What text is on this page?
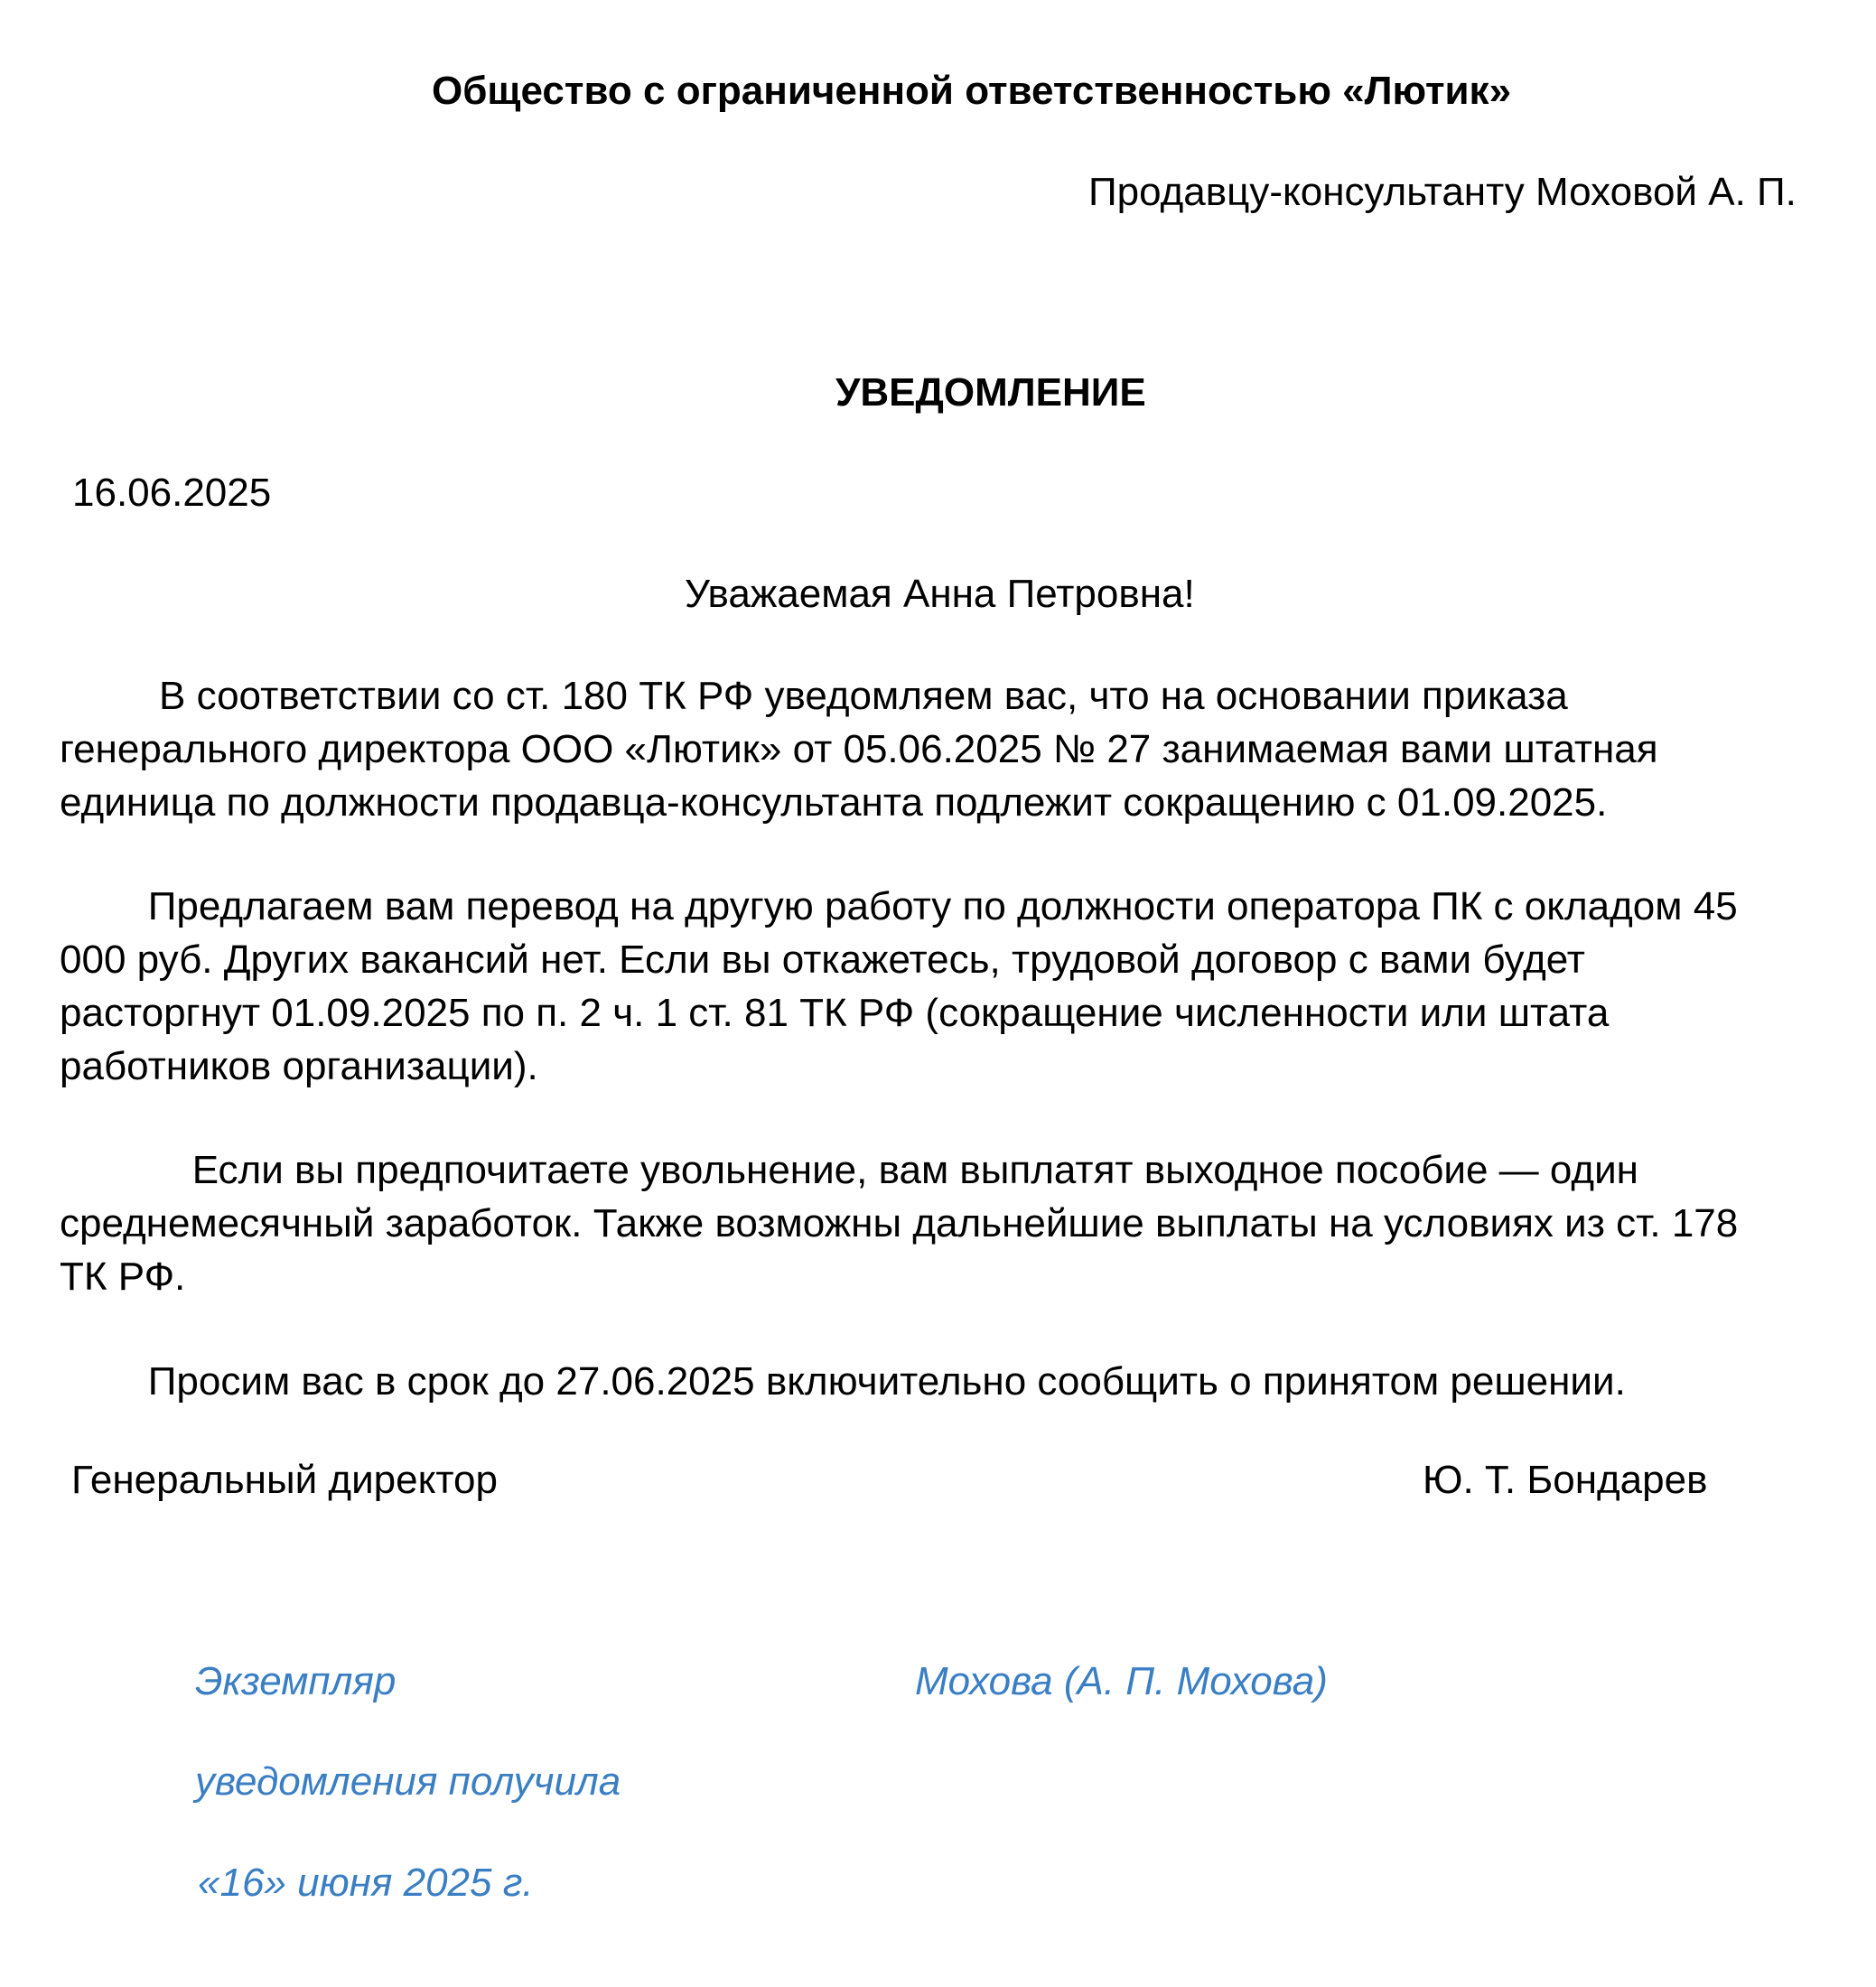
Общество с ограниченной ответственностью «Лютик»

Продавцу-консультанту Моховой А. П.

УВЕДОМЛЕНИЕ

16.06.2025

Уважаемая Анна Петровна!

В соответствии со ст. 180 ТК РФ уведомляем вас, что на основании приказа
генерального директора ООО «Лютик» от 05.06.2025 № 27 занимаемая вами штатная
единица по должности продавца-консультанта подлежит сокращению с 01.09.2025.

Предлагаем вам перевод на другую работу по должности оператора ПК с окладом 45
000 руб. Других вакансий нет. Если вы откажетесь, трудовой договор с вами будет
расторгнут 01.09.2025 по п. 2 ч. 1 ст. 81 ТК РФ (сокращение численности или штата
работников организации).

Если вы предпочитаете увольнение, вам выплатят выходное пособие — один
среднемесячный заработок. Также возможны дальнейшие выплаты на условиях из ст. 178
ТК РФ.

Просим вас в срок до 27.06.2025 включительно сообщить о принятом решении.

Генеральный директор	Ю. Т. Бондарев

Экземпляр	Мохова (А. П. Мохова)

уведомления получила

«16» июня 2025 г.
